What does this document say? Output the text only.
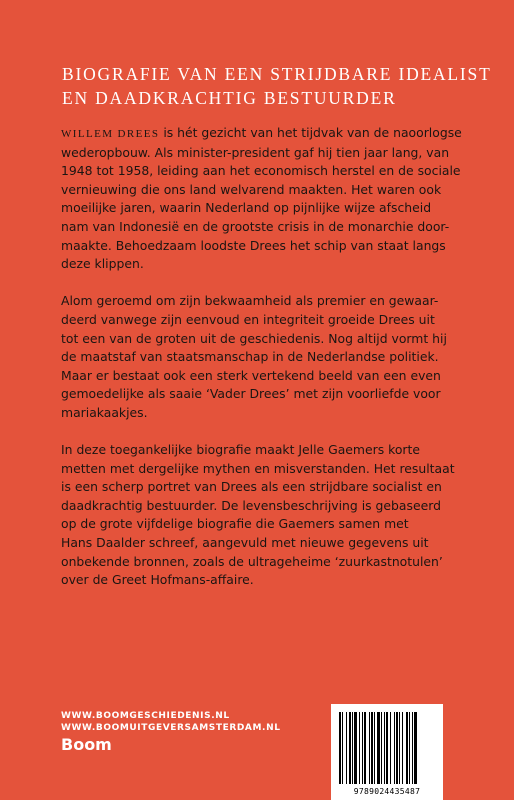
BIOGRAFIE VAN EEN STRIJDBARE IDEALIST
EN DAADKRACHTIG BESTUURDER

WILLEM DREES is hét gezicht van het tijdvak van de naoorlogse
wederopbouw. Als minister-president gaf hij tien jaar lang, van
1948 tot 1958, leiding aan het economisch herstel en de sociale
vernieuwing die ons land welvarend maakten. Het waren ook
moeilijke jaren, waarin Nederland op pijnlijke wijze afscheid
nam van Indonesië en de grootste crisis in de monarchie door-
maakte. Behoedzaam loodste Drees het schip van staat langs
deze klippen.

Alom geroemd om zijn bekwaamheid als premier en gewaar-
deerd vanwege zijn eenvoud en integriteit groeide Drees uit
tot een van de groten uit de geschiedenis. Nog altijd vormt hij
de maatstaf van staatsmanschap in de Nederlandse politiek.
Maar er bestaat ook een sterk vertekend beeld van een even
gemoedelijke als saaie ‘Vader Drees’ met zijn voorliefde voor
mariakaakjes.

In deze toegankelijke biografie maakt Jelle Gaemers korte
metten met dergelijke mythen en misverstanden. Het resultaat
is een scherp portret van Drees als een strijdbare socialist en
daadkrachtig bestuurder. De levensbeschrijving is gebaseerd
op de grote vijfdelige biografie die Gaemers samen met
Hans Daalder schreef, aangevuld met nieuwe gegevens uit
onbekende bronnen, zoals de ultrageheime ‘zuurkastnotulen’
over de Greet Hofmans-affaire.

WWW.BOOMGESCHIEDENIS.NL
WWW.BOOMUITGEVERSAMSTERDAM.NL
Boom
9789024435487
